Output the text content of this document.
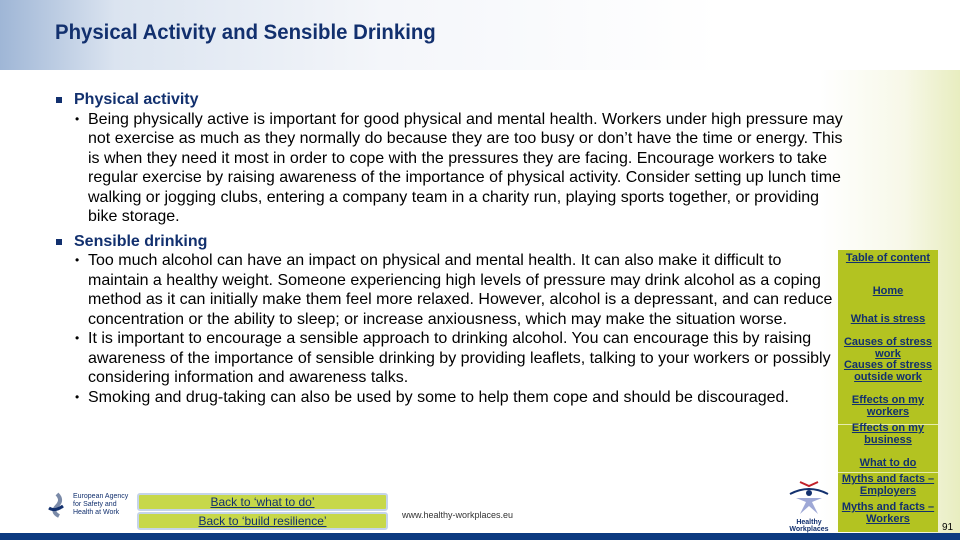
Physical Activity and Sensible Drinking
Physical activity
• Being physically active is important for good physical and mental health. Workers under high pressure may not exercise as much as they normally do because they are too busy or don’t have the time or energy. This is when they need it most in order to cope with the pressures they are facing. Encourage workers to take regular exercise by raising awareness of the importance of physical activity. Consider setting up lunch time walking or jogging clubs, entering a company team in a charity run, playing sports together, or providing bike storage.
Sensible drinking
• Too much alcohol can have an impact on physical and mental health. It can also make it difficult to maintain a healthy weight. Someone experiencing high levels of pressure may drink alcohol as a coping method as it can initially make them feel more relaxed. However, alcohol is a depressant, and can reduce concentration or the ability to sleep; or increase anxiousness, which may make the situation worse.
• It is important to encourage a sensible approach to drinking alcohol. You can encourage this by raising awareness of the importance of sensible drinking by providing leaflets, talking to your workers or possibly considering information and awareness talks.
• Smoking and drug-taking can also be used by some to help them cope and should be discouraged.
Table of content
Home
What is stress
Causes of stress work
Causes of stress outside work
Effects on my workers
Effects on my business
What to do
Myths and facts – Employers
Myths and facts – Workers
European Agency for Safety and Health at Work
Back to ‘what to do’
Back to ‘build resilience’	www.healthy-workplaces.eu
Healthy Workplaces	91
